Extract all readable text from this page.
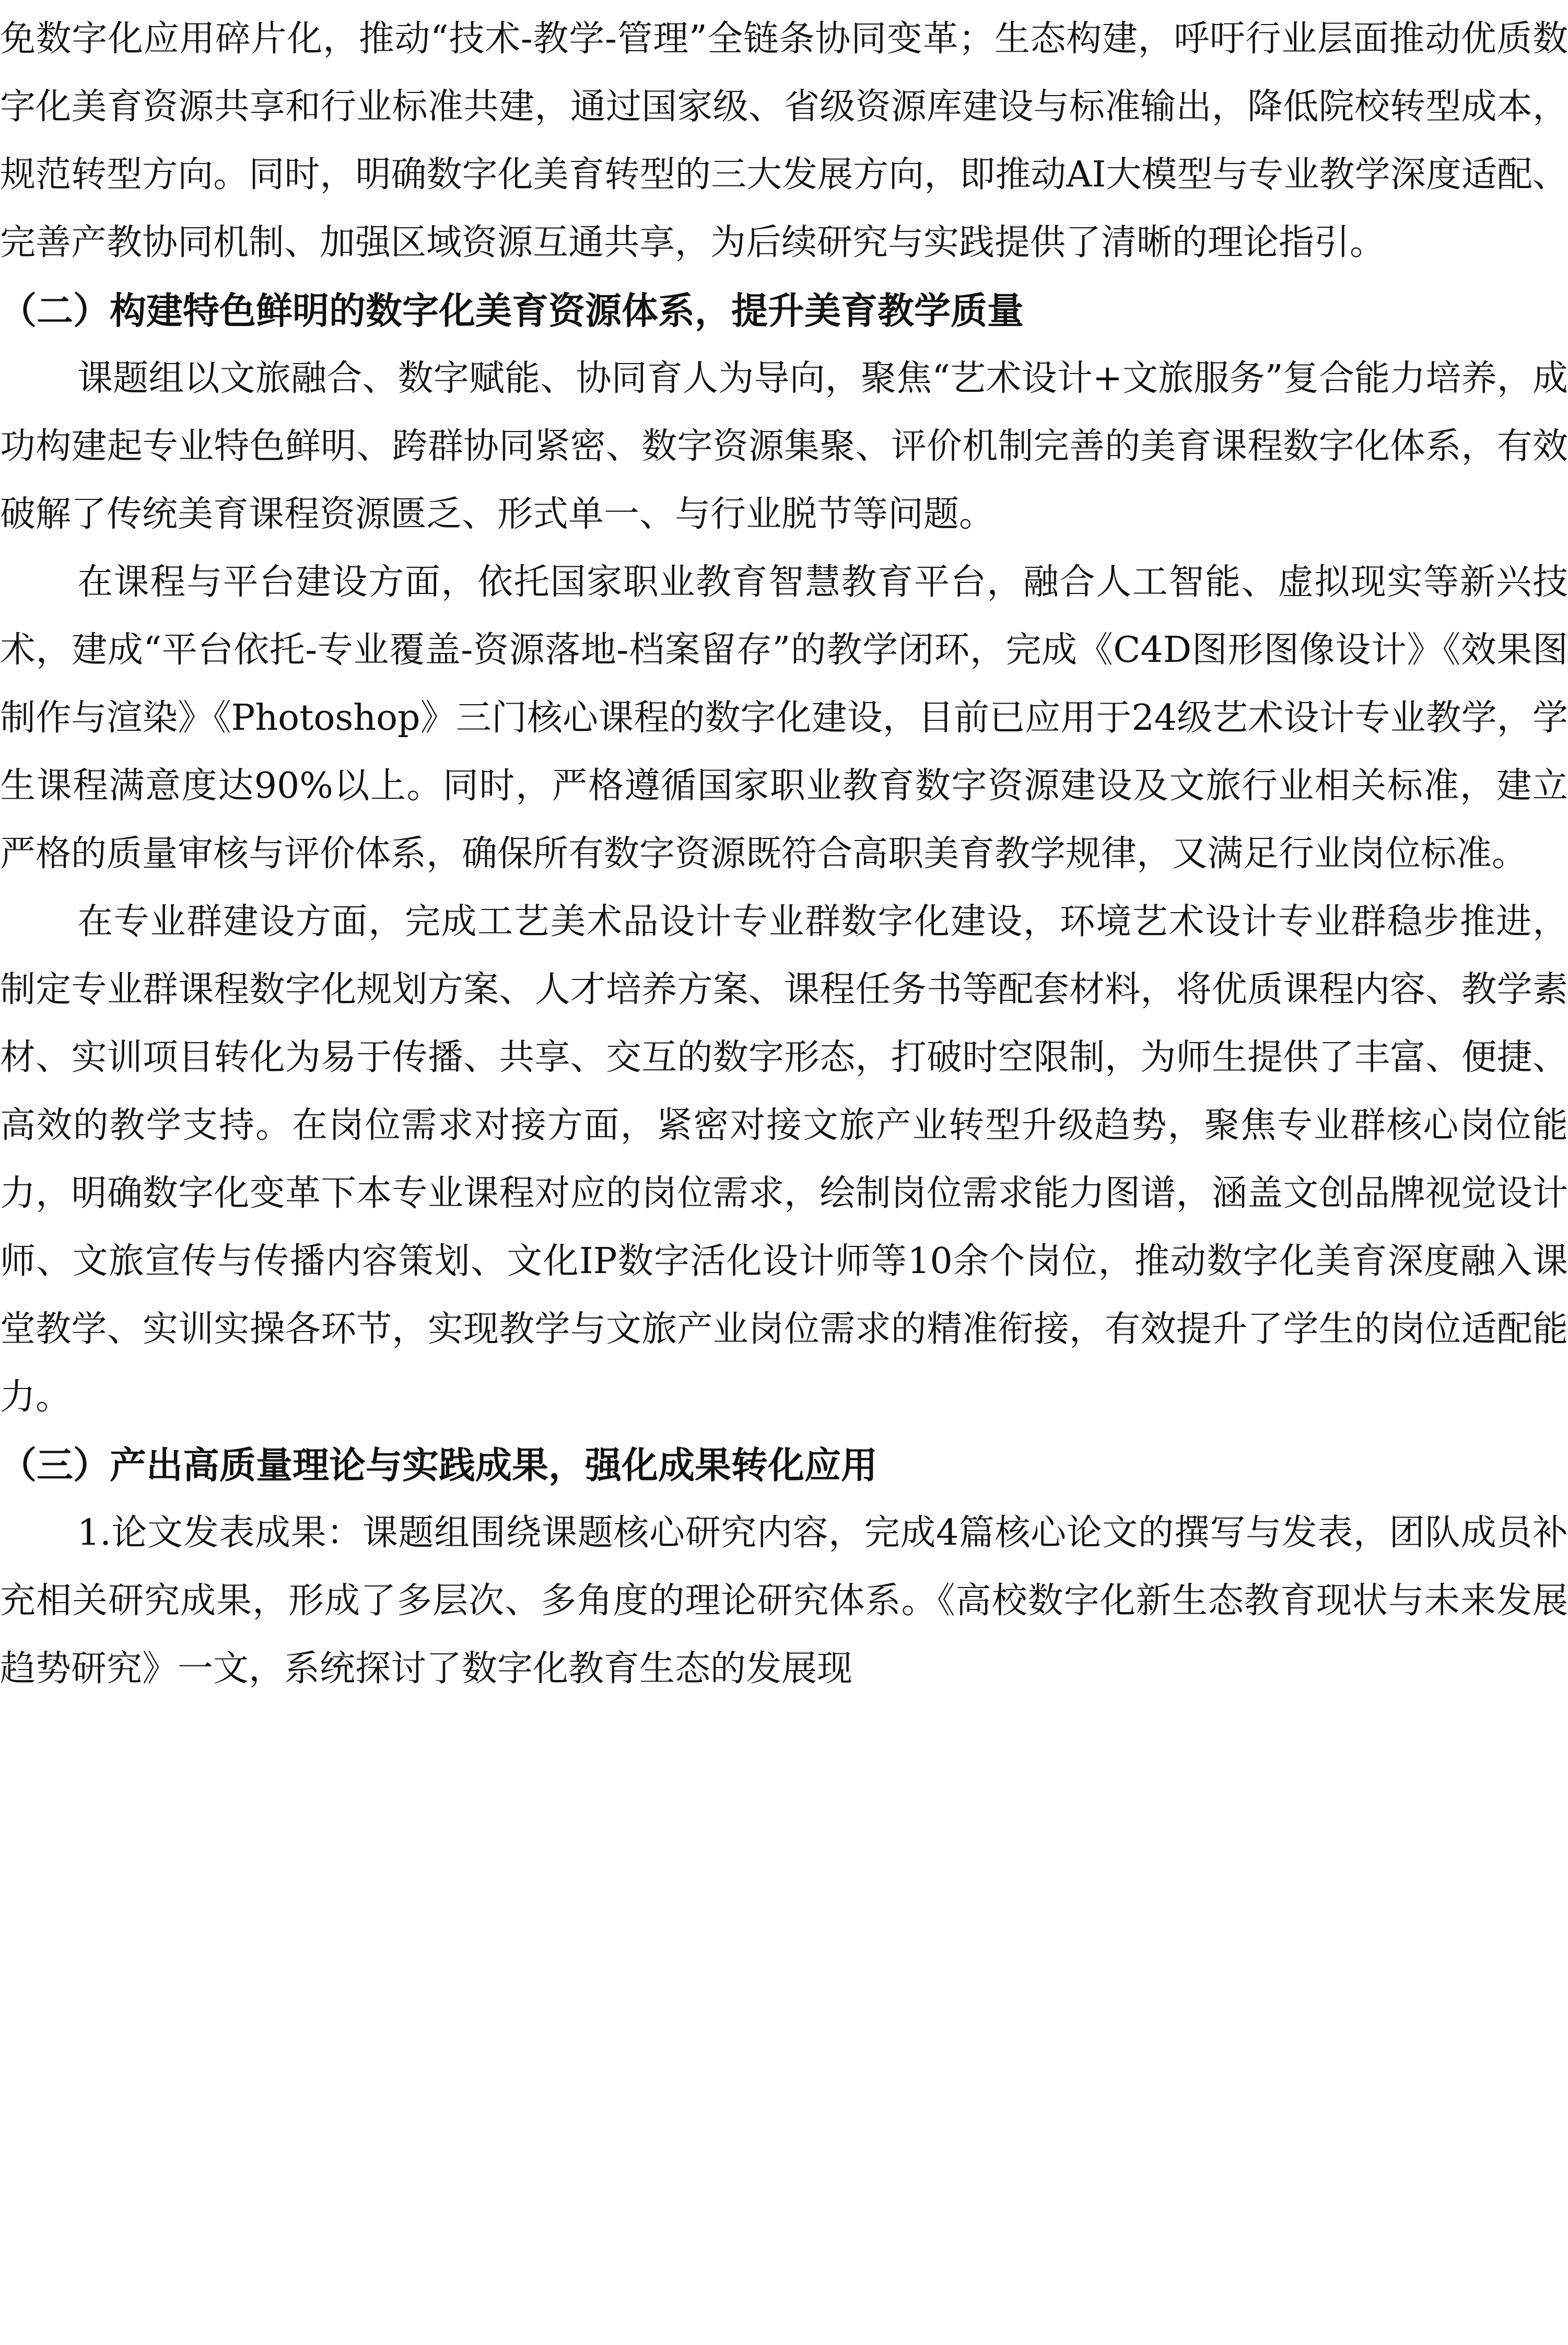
免数字化应用碎片化，推动“技术-教学-管理”全链条协同变革；生态构建，呼吁行业层面推动优质数字化美育资源共享和行业标准共建，通过国家级、省级资源库建设与标准输出，降低院校转型成本，规范转型方向。同时，明确数字化美育转型的三大发展方向，即推动AI大模型与专业教学深度适配、完善产教协同机制、加强区域资源互通共享，为后续研究与实践提供了清晰的理论指引。

（二）构建特色鲜明的数字化美育资源体系，提升美育教学质量

课题组以文旅融合、数字赋能、协同育人为导向，聚焦“艺术设计+文旅服务”复合能力培养，成功构建起专业特色鲜明、跨群协同紧密、数字资源集聚、评价机制完善的美育课程数字化体系，有效破解了传统美育课程资源匮乏、形式单一、与行业脱节等问题。

在课程与平台建设方面，依托国家职业教育智慧教育平台，融合人工智能、虚拟现实等新兴技术，建成“平台依托-专业覆盖-资源落地-档案留存”的教学闭环，完成《C4D图形图像设计》《效果图制作与渲染》《Photoshop》三门核心课程的数字化建设，目前已应用于24级艺术设计专业教学，学生课程满意度达90%以上。同时，严格遵循国家职业教育数字资源建设及文旅行业相关标准，建立严格的质量审核与评价体系，确保所有数字资源既符合高职美育教学规律，又满足行业岗位标准。

在专业群建设方面，完成工艺美术品设计专业群数字化建设，环境艺术设计专业群稳步推进，制定专业群课程数字化规划方案、人才培养方案、课程任务书等配套材料，将优质课程内容、教学素材、实训项目转化为易于传播、共享、交互的数字形态，打破时空限制，为师生提供了丰富、便捷、高效的教学支持。在岗位需求对接方面，紧密对接文旅产业转型升级趋势，聚焦专业群核心岗位能力，明确数字化变革下本专业课程对应的岗位需求，绘制岗位需求能力图谱，涵盖文创品牌视觉设计师、文旅宣传与传播内容策划、文化IP数字活化设计师等10余个岗位，推动数字化美育深度融入课堂教学、实训实操各环节，实现教学与文旅产业岗位需求的精准衔接，有效提升了学生的岗位适配能力。

（三）产出高质量理论与实践成果，强化成果转化应用

1.论文发表成果：课题组围绕课题核心研究内容，完成4篇核心论文的撰写与发表，团队成员补充相关研究成果，形成了多层次、多角度的理论研究体系。《高校数字化新生态教育现状与未来发展趋势研究》一文，系统探讨了数字化教育生态的发展现
